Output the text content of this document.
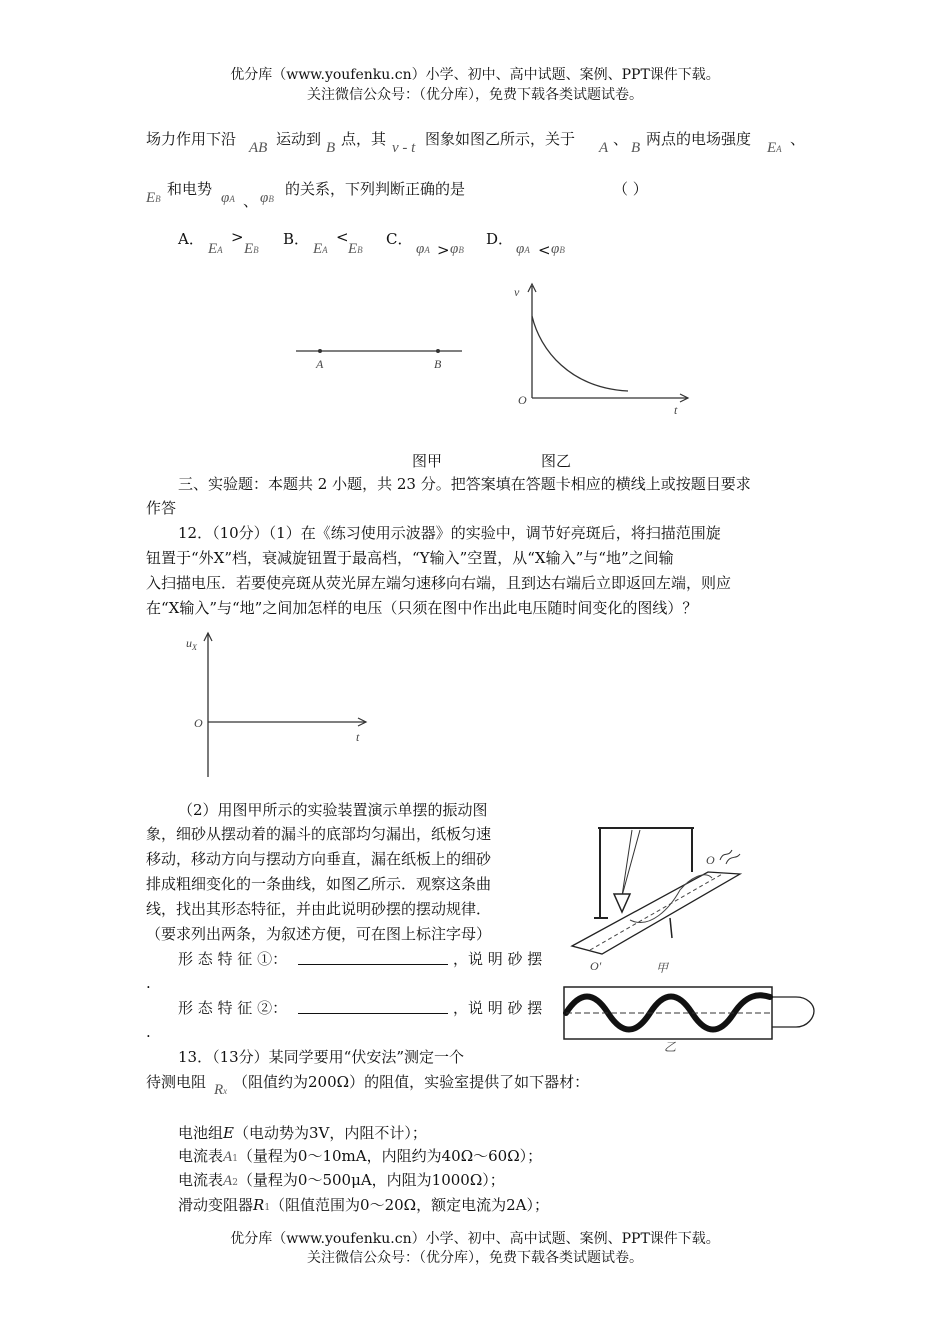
优分库（www.youfenku.cn）小学、初中、高中试题、案例、PPT课件下载。
关注微信公众号：（优分库），免费下载各类试题试卷。
场力作用下沿 AB 运动到 B 点，其 v - t 图象如图乙所示，关于 A 、 B 两点的电场强度 EA
、
EB
和电势 φA 、 φB
的关系，下列判断正确的是	（ ）
A．
EA
>
EB
B．
EA
<
EB
C．
φA > φB
D．
φA < φB
A	B
v
O
t
图甲	图乙
三、实验题：本题共 2 小题，共 23 分。把答案填在答题卡相应的横线上或按题目要求
作答
12．（10分）（1）在《练习使用示波器》的实验中，调节好亮斑后，将扫描范围旋
钮置于“外X”档，衰减旋钮置于最高档，“Y输入”空置，从“X输入”与“地”之间输
入扫描电压．若要使亮斑从荧光屏左端匀速移向右端，且到达右端后立即返回左端，则应
在“X输入”与“地”之间加怎样的电压（只须在图中作出此电压随时间变化的图线）？
$u_X$
O
t
（2）用图甲所示的实验装置演示单摆的振动图
象，细砂从摆动着的漏斗的底部均匀漏出，纸板匀速
移动，移动方向与摆动方向垂直，漏在纸板上的细砂
排成粗细变化的一条曲线，如图乙所示．观察这条曲
线，找出其形态特征，并由此说明砂摆的摆动规律．
（要求列出两条，为叙述方便，可在图上标注字母）
形 态 特 征 ①：	，说 明 砂 摆
.
形 态 特 征 ②：	，说 明 砂 摆
.
O
O′	甲
乙
13．（13分）某同学要用“伏安法”测定一个
待测电阻 Rx （阻值约为200Ω）的阻值，实验室提供了如下器材：
电池组E（电动势为3V，内阻不计）；
电流表A1（量程为0～10mA，内阻约为40Ω～60Ω）；
电流表A2（量程为0～500μA，内阻为1000Ω）；
滑动变阻器R1（阻值范围为0～20Ω，额定电流为2A）；
优分库（www.youfenku.cn）小学、初中、高中试题、案例、PPT课件下载。
关注微信公众号：（优分库），免费下载各类试题试卷。
